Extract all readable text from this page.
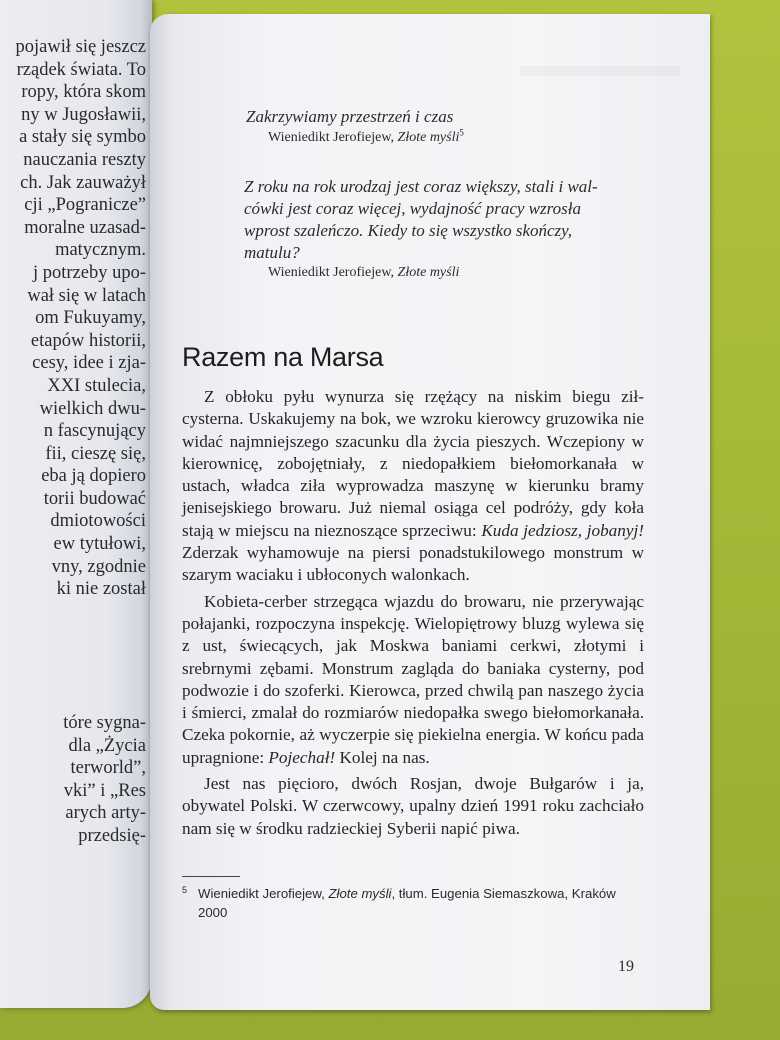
pojawił się jeszcz
rządek świata. To
ropy, która skom
ny w Jugosławii,
a stały się symbo
nauczania reszty
ch. Jak zauważył
cji „Pogranicze”
moralne uzasad-
matycznym.
j potrzeby upo-
wał się w latach
om Fukuyamy,
etapów historii,
cesy, idee i zja-
XXI stulecia,
wielkich dwu-
n fascynujący
fii, cieszę się,
eba ją dopiero
torii budować
dmiotowości
ew tytułowi,
vny, zgodnie
ki nie został
tóre sygna-
dla „Życia
terworld”,
vki” i „Res
arych arty-
przedsię-
Zakrzywiamy przestrzeń i czas
Wieniedikt Jerofiejew, Złote myśli$^5$
Z roku na rok urodzaj jest coraz większy, stali i wal-
cówki jest coraz więcej, wydajność pracy wzrosła
wprost szaleńczo. Kiedy to się wszystko skończy,
matulu?
Wieniedikt Jerofiejew, Złote myśli
Razem na Marsa

Z obłoku pyłu wynurza się rzężący na niskim biegu ził-cysterna. Uskakujemy na bok, we wzroku kierowcy gruzowika nie widać najmniejszego szacunku dla życia pieszych. Wczepiony w kierownicę, zobojętniały, z niedopałkiem biełomorkanała w ustach, władca ziła wyprowadza maszynę w kierunku bramy jenisejskiego browaru. Już niemal osiąga cel podróży, gdy koła stają w miejscu na nieznoszące sprzeciwu: Kuda jedzіosz, jobanyj! Zderzak wyhamowuje na piersi ponadstukilowego monstrum w szarym waciaku i ubłoconych walonkach.

Kobieta-cerber strzegąca wjazdu do browaru, nie przerywając połajanki, rozpoczyna inspekcję. Wielopiętrowy bluzg wylewa się z ust, świecących, jak Moskwa baniami cerkwi, złotymi i srebrnymi zębami. Monstrum zagląda do baniaka cysterny, pod podwozie i do szoferki. Kierowca, przed chwilą pan naszego życia i śmierci, zmalał do rozmiarów niedopałka swego biełomorkanała. Czeka pokornie, aż wyczerpie się piekielna energia. W końcu pada upragnione: Pojechał! Kolej na nas.

Jest nas pięcioro, dwóch Rosjan, dwoje Bułgarów i ja, obywatel Polski. W czerwcowy, upalny dzień 1991 roku zachciało nam się w środku radzieckiej Syberii napić piwa.

5 Wieniedikt Jerofiejew, Złote myśli, tłum. Eugenia Siemaszkowa, Kraków 2000
19
